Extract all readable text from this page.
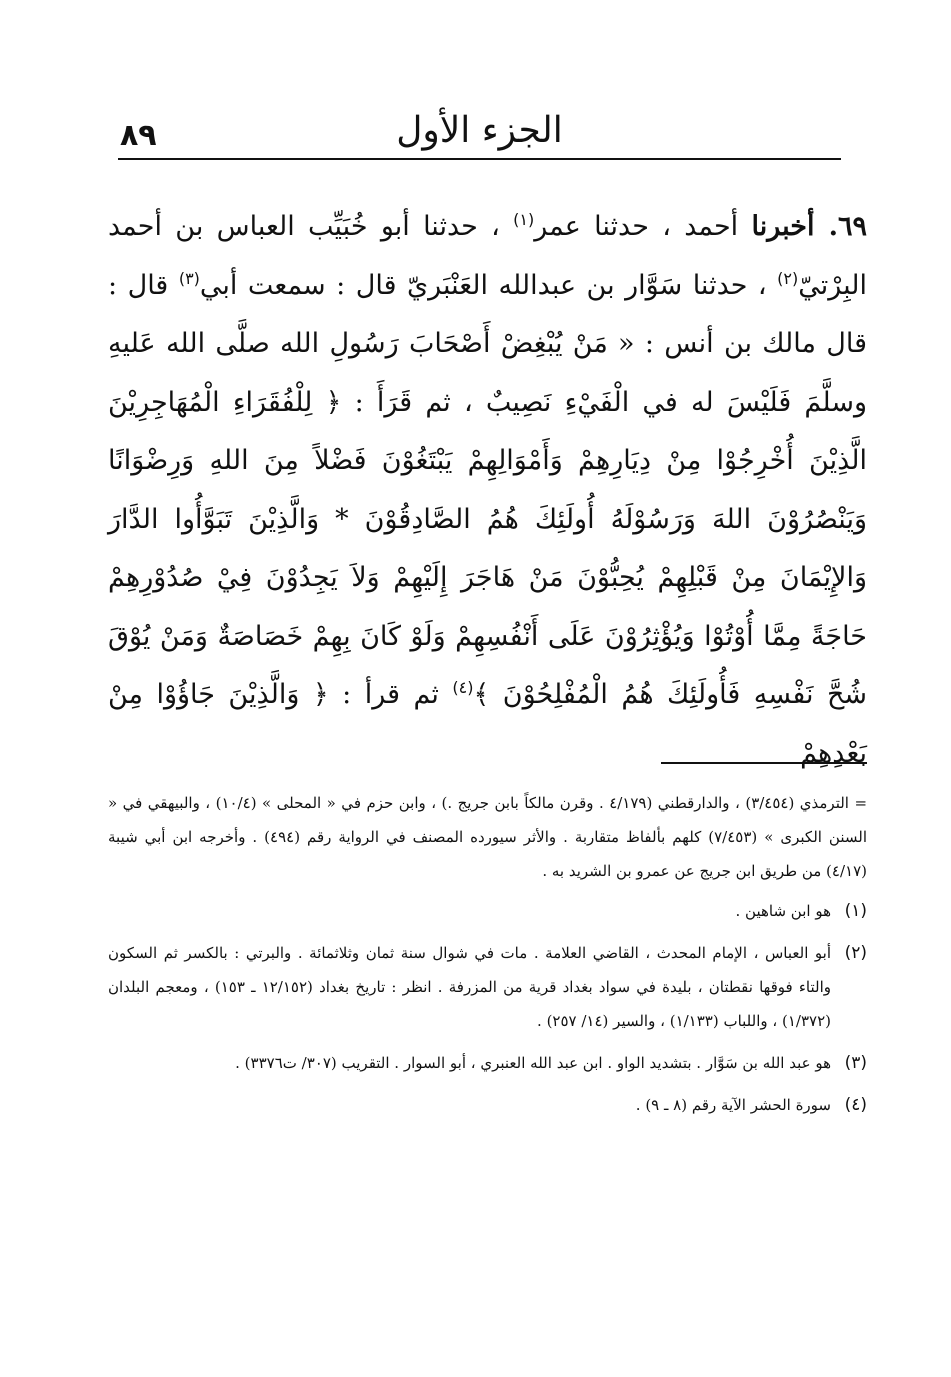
٨٩	الجزء الأول
٦٩. أخبرنا أحمد ، حدثنا عمر$^{(١)}$ ، حدثنا أبو خُبَيِّب العباس بن أحمد البِرْتيّ$^{(٢)}$ ، حدثنا سَوَّار بن عبدالله العَنْبَريّ قال : سمعت أبي$^{(٣)}$ قال : قال مالك بن أنس : « مَنْ يُبْغِضْ أَصْحَابَ رَسُولِ الله صلَّى الله عَليهِ وسلَّمَ فَلَيْسَ له في الْفَيْءِ نَصِيبٌ ، ثم قَرَأَ : ﴿ لِلْفُقَرَاءِ الْمُهَاجِرِيْنَ الَّذِيْنَ أُخْرِجُوْا مِنْ دِيَارِهِمْ وَأَمْوَالِهِمْ يَبْتَغُوْنَ فَضْلاً مِنَ اللهِ وَرِضْوَانًا وَيَنْصُرُوْنَ اللهَ وَرَسُوْلَهُ أُولَئِكَ هُمُ الصَّادِقُوْنَ * وَالَّذِيْنَ تَبَوَّأُوا الدَّارَ وَالإِيْمَانَ مِنْ قَبْلِهِمْ يُحِبُّوْنَ مَنْ هَاجَرَ إِلَيْهِمْ وَلاَ يَجِدُوْنَ فِيْ صُدُوْرِهِمْ حَاجَةً مِمَّا أُوْتُوْا وَيُؤْثِرُوْنَ عَلَى أَنْفُسِهِمْ وَلَوْ كَانَ بِهِمْ خَصَاصَةٌ وَمَنْ يُوْقَ شُحَّ نَفْسِهِ فَأُولَئِكَ هُمُ الْمُفْلِحُوْنَ ﴾$^{(٤)}$ ثم قرأ : ﴿ وَالَّذِيْنَ جَاؤُوْا مِنْ بَعْدِهِمْ

= الترمذي (٣/٤٥٤) ، والدارقطني (٤/١٧٩ . وقرن مالكاً بابن جريج .) ، وابن حزم في « المحلى » (١٠/٤) ، والبيهقي في « السنن الكبرى » (٧/٤٥٣) كلهم بألفاظ متقاربة . والأثر سيورده المصنف في الرواية رقم (٤٩٤) . وأخرجه ابن أبي شيبة (٤/١٧) من طريق ابن جريج عن عمرو بن الشريد به .

(١)
هو ابن شاهين .

(٢)
أبو العباس ، الإمام المحدث ، القاضي العلامة . مات في شوال سنة ثمان وثلاثمائة . والبرتي : بالكسر ثم السكون والتاء فوقها نقطتان ، بليدة في سواد بغداد قرية من المزرفة . انظر : تاريخ بغداد (١٢/١٥٢ ـ ١٥٣) ، ومعجم البلدان (١/٣٧٢) ، واللباب (١/١٣٣) ، والسير (١٤/ ٢٥٧) .

(٣)
هو عبد الله بن سَوَّار . بتشديد الواو . ابن عبد الله العنبري ، أبو السوار . التقريب (٣٠٧/ ت٣٣٧٦) .

(٤)
سورة الحشر الآية رقم (٨ ـ ٩) .
